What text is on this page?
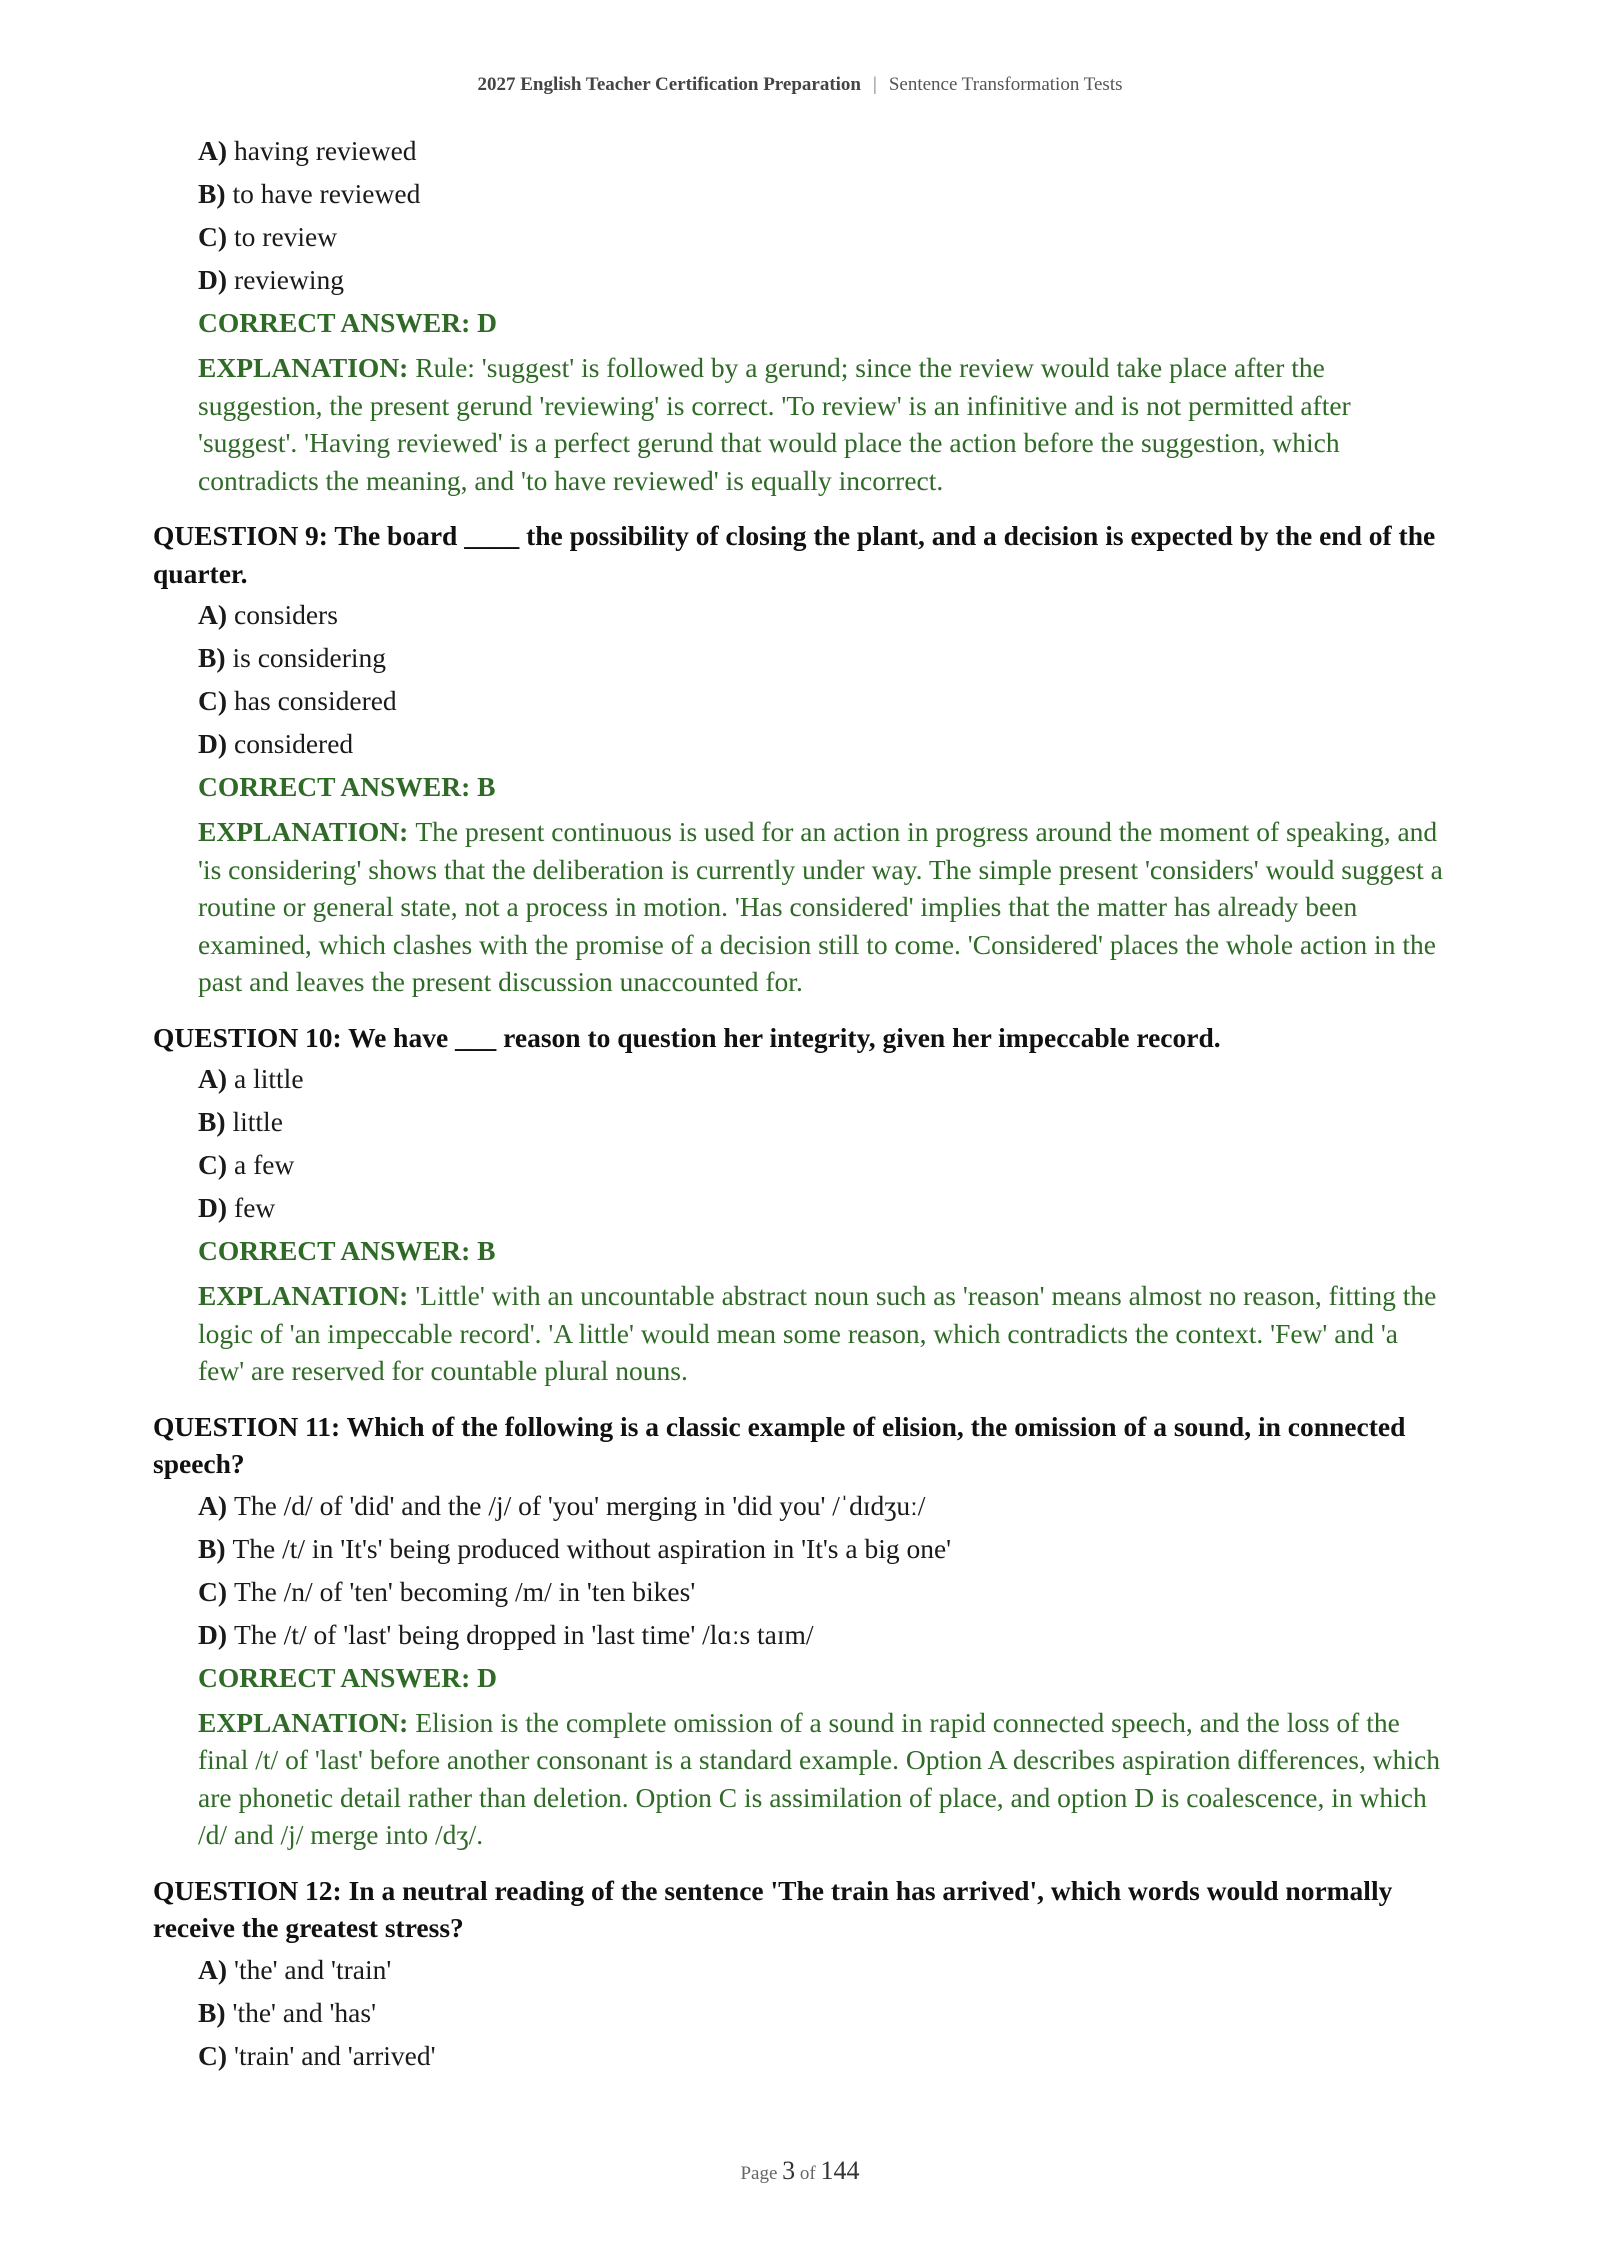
2027 English Teacher Certification Preparation | Sentence Transformation Tests
A) having reviewed
B) to have reviewed
C) to review
D) reviewing
CORRECT ANSWER: D
EXPLANATION: Rule: 'suggest' is followed by a gerund; since the review would take place after the suggestion, the present gerund 'reviewing' is correct. 'To review' is an infinitive and is not permitted after 'suggest'. 'Having reviewed' is a perfect gerund that would place the action before the suggestion, which contradicts the meaning, and 'to have reviewed' is equally incorrect.
QUESTION 9: The board ____ the possibility of closing the plant, and a decision is expected by the end of the quarter.
A) considers
B) is considering
C) has considered
D) considered
CORRECT ANSWER: B
EXPLANATION: The present continuous is used for an action in progress around the moment of speaking, and 'is considering' shows that the deliberation is currently under way. The simple present 'considers' would suggest a routine or general state, not a process in motion. 'Has considered' implies that the matter has already been examined, which clashes with the promise of a decision still to come. 'Considered' places the whole action in the past and leaves the present discussion unaccounted for.
QUESTION 10: We have ___ reason to question her integrity, given her impeccable record.
A) a little
B) little
C) a few
D) few
CORRECT ANSWER: B
EXPLANATION: 'Little' with an uncountable abstract noun such as 'reason' means almost no reason, fitting the logic of 'an impeccable record'. 'A little' would mean some reason, which contradicts the context. 'Few' and 'a few' are reserved for countable plural nouns.
QUESTION 11: Which of the following is a classic example of elision, the omission of a sound, in connected speech?
A) The /d/ of 'did' and the /j/ of 'you' merging in 'did you' /ˈdɪdʒuː/
B) The /t/ in 'It's' being produced without aspiration in 'It's a big one'
C) The /n/ of 'ten' becoming /m/ in 'ten bikes'
D) The /t/ of 'last' being dropped in 'last time' /lɑːs taɪm/
CORRECT ANSWER: D
EXPLANATION: Elision is the complete omission of a sound in rapid connected speech, and the loss of the final /t/ of 'last' before another consonant is a standard example. Option A describes aspiration differences, which are phonetic detail rather than deletion. Option C is assimilation of place, and option D is coalescence, in which /d/ and /j/ merge into /dʒ/.
QUESTION 12: In a neutral reading of the sentence 'The train has arrived', which words would normally receive the greatest stress?
A) 'the' and 'train'
B) 'the' and 'has'
C) 'train' and 'arrived'
Page 3 of 144
